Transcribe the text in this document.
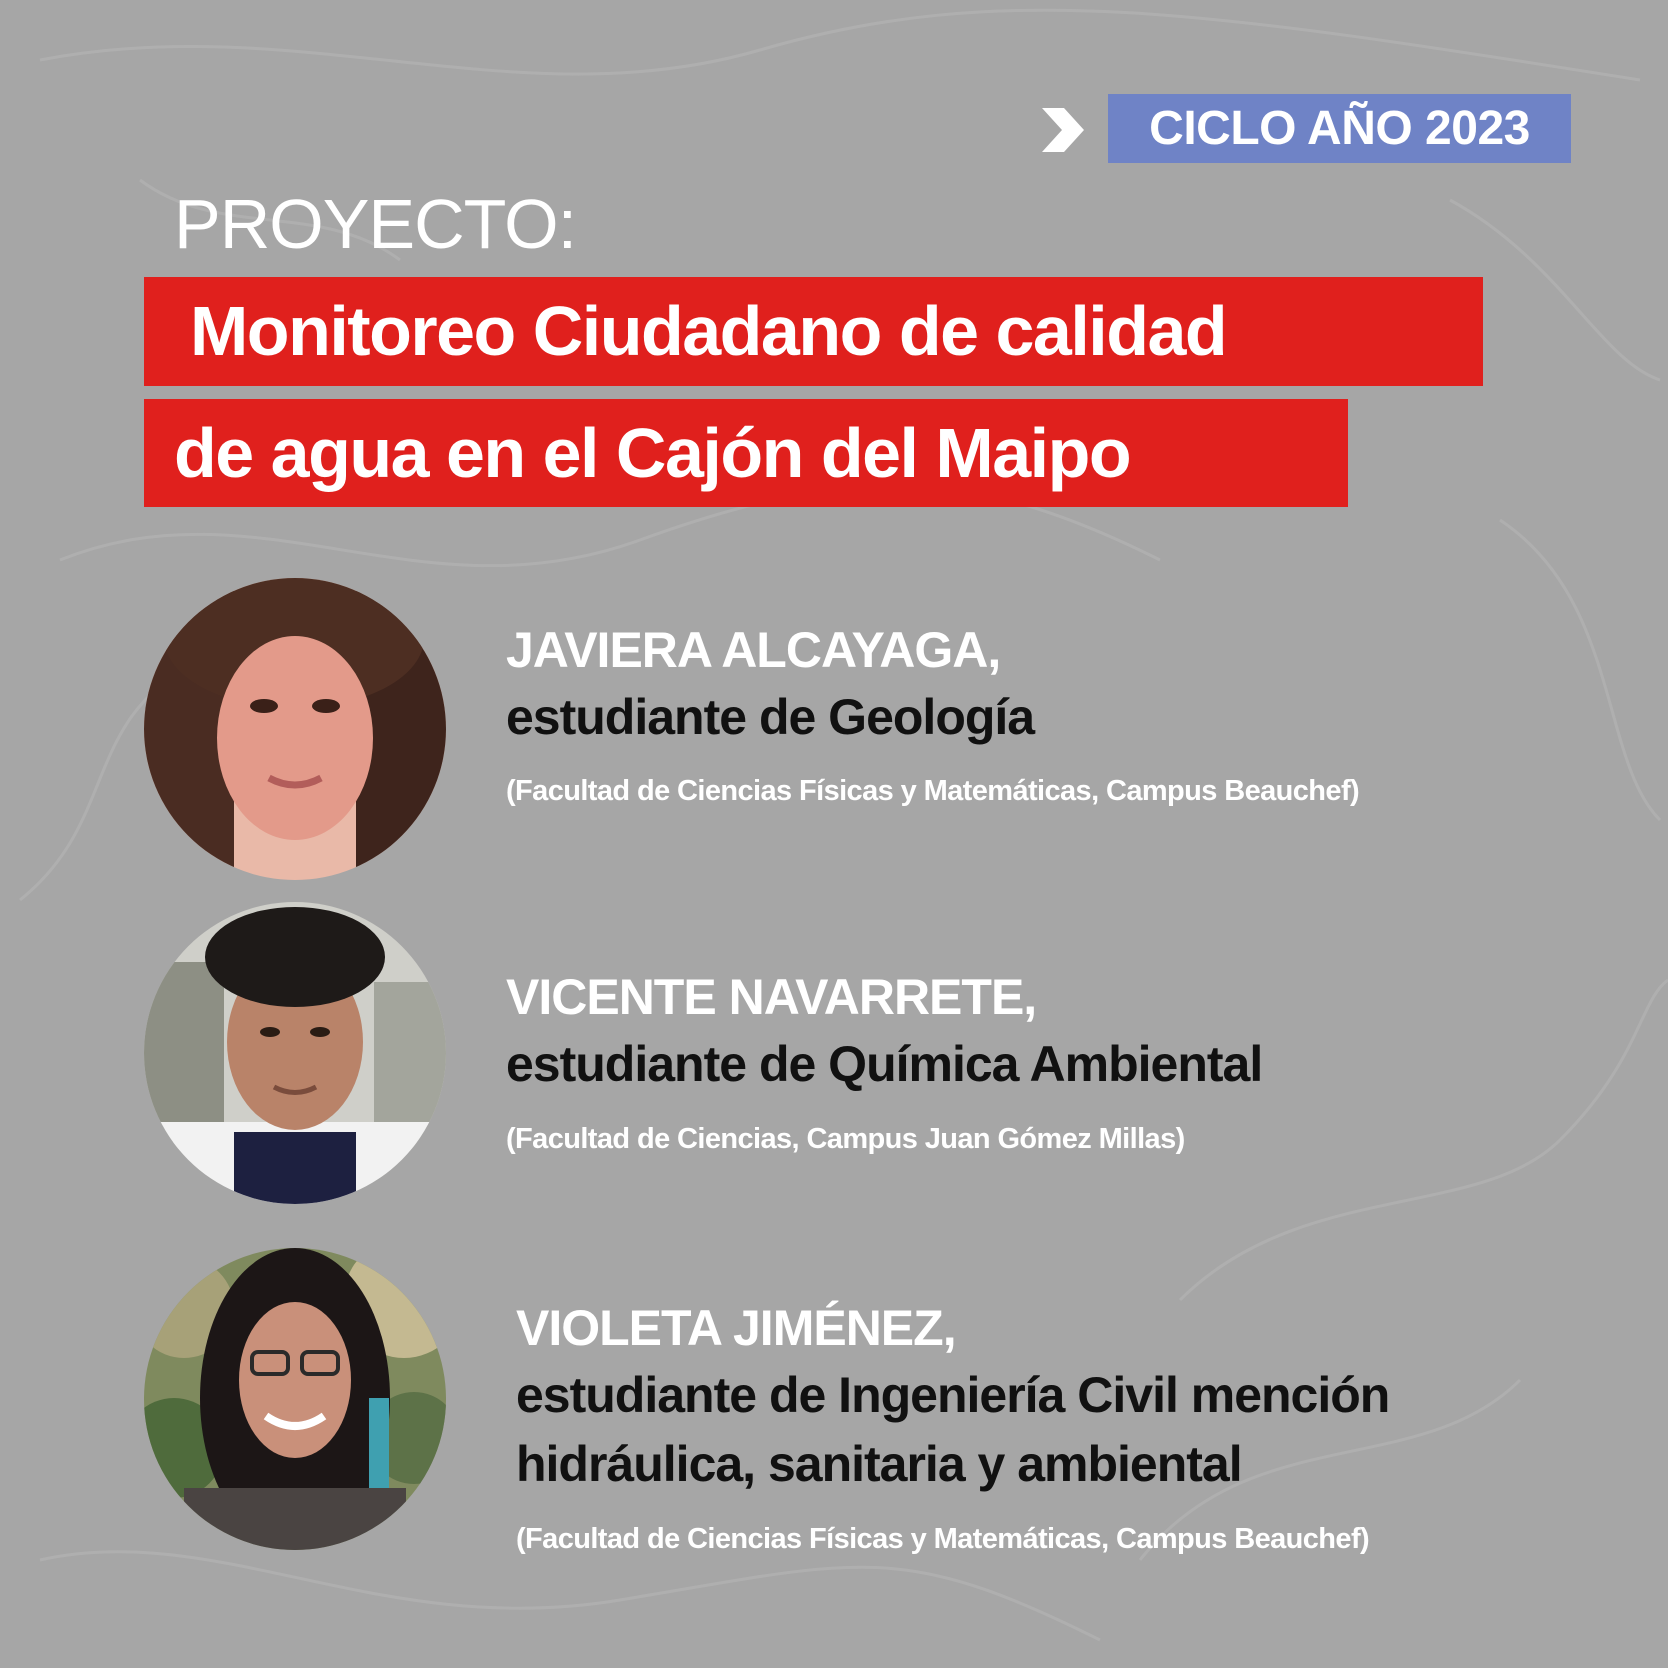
CICLO AÑO 2023
PROYECTO:
Monitoreo Ciudadano de calidad
de agua en el Cajón del Maipo
JAVIERA ALCAYAGA,
estudiante de Geología
(Facultad de Ciencias Físicas y Matemáticas, Campus Beauchef)
VICENTE NAVARRETE,
estudiante de Química Ambiental
(Facultad de Ciencias, Campus Juan Gómez Millas)
VIOLETA JIMÉNEZ,
estudiante de Ingeniería Civil mención
hidráulica, sanitaria y ambiental
(Facultad de Ciencias Físicas y Matemáticas, Campus Beauchef)
